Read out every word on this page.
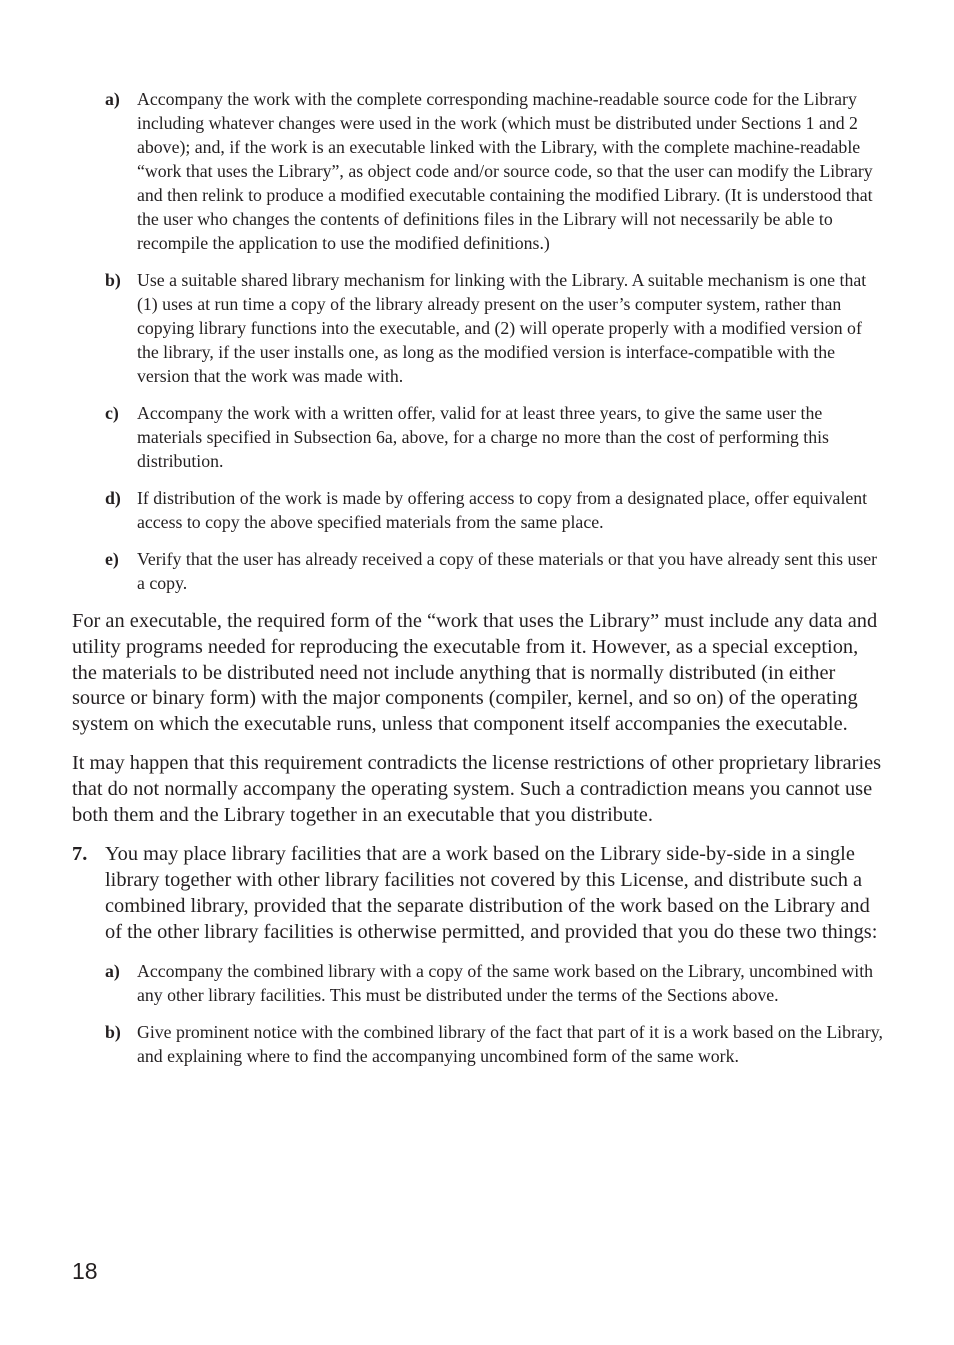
a) Accompany the work with the complete corresponding machine-readable source code for the Library including whatever changes were used in the work (which must be distributed under Sections 1 and 2 above); and, if the work is an executable linked with the Library, with the complete machine-readable “work that uses the Library”, as object code and/or source code, so that the user can modify the Library and then relink to produce a modified executable containing the modified Library. (It is understood that the user who changes the contents of definitions files in the Library will not necessarily be able to recompile the application to use the modified definitions.)

b) Use a suitable shared library mechanism for linking with the Library. A suitable mechanism is one that (1) uses at run time a copy of the library already present on the user’s computer system, rather than copying library functions into the executable, and (2) will operate properly with a modified version of the library, if the user installs one, as long as the modified version is interface-compatible with the version that the work was made with.

c) Accompany the work with a written offer, valid for at least three years, to give the same user the materials specified in Subsection 6a, above, for a charge no more than the cost of performing this distribution.

d) If distribution of the work is made by offering access to copy from a designated place, offer equivalent access to copy the above specified materials from the same place.

e) Verify that the user has already received a copy of these materials or that you have already sent this user a copy.

For an executable, the required form of the “work that uses the Library” must include any data and utility programs needed for reproducing the executable from it. However, as a special exception, the materials to be distributed need not include anything that is normally distributed (in either source or binary form) with the major components (compiler, kernel, and so on) of the operating system on which the executable runs, unless that component itself accompanies the executable.

It may happen that this requirement contradicts the license restrictions of other proprietary libraries that do not normally accompany the operating system. Such a contradiction means you cannot use both them and the Library together in an executable that you distribute.

7. You may place library facilities that are a work based on the Library side-by-side in a single library together with other library facilities not covered by this License, and distribute such a combined library, provided that the separate distribution of the work based on the Library and of the other library facilities is otherwise permitted, and provided that you do these two things:

a) Accompany the combined library with a copy of the same work based on the Library, uncombined with any other library facilities. This must be distributed under the terms of the Sections above.

b) Give prominent notice with the combined library of the fact that part of it is a work based on the Library, and explaining where to find the accompanying uncombined form of the same work.

18
